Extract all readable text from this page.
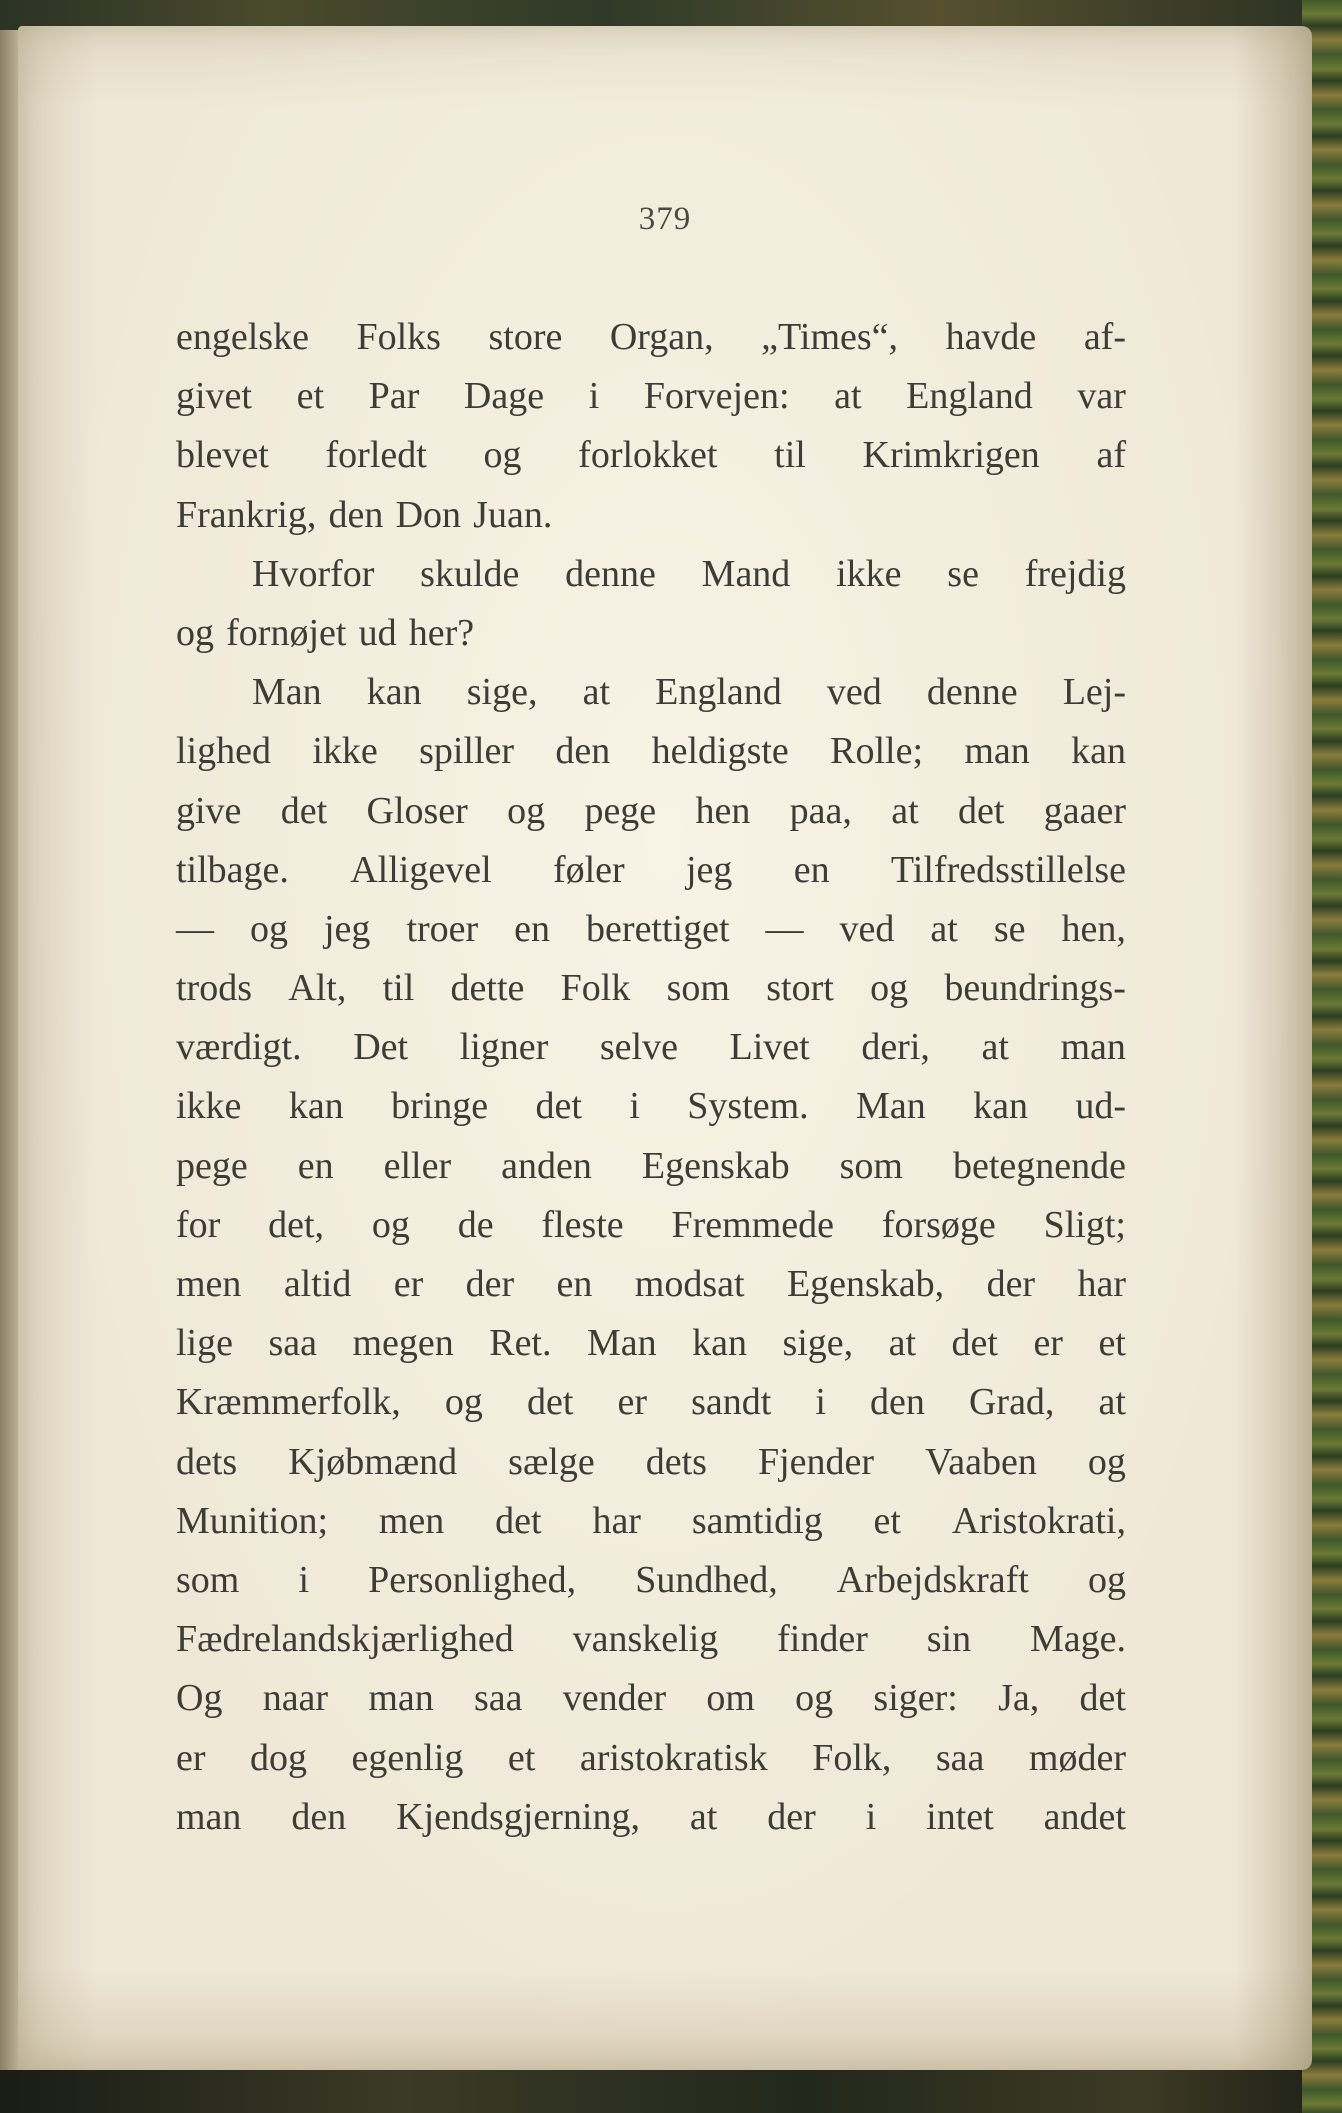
379
engelske Folks store Organ, „Times“, havde af-
givet et Par Dage i Forvejen: at England var
blevet forledt og forlokket til Krimkrigen af
Frankrig, den Don Juan.
Hvorfor skulde denne Mand ikke se frejdig
og fornøjet ud her?
Man kan sige, at England ved denne Lej-
lighed ikke spiller den heldigste Rolle; man kan
give det Gloser og pege hen paa, at det gaaer
tilbage. Alligevel føler jeg en Tilfredsstillelse
— og jeg troer en berettiget — ved at se hen,
trods Alt, til dette Folk som stort og beundrings-
værdigt. Det ligner selve Livet deri, at man
ikke kan bringe det i System. Man kan ud-
pege en eller anden Egenskab som betegnende
for det, og de fleste Fremmede forsøge Sligt;
men altid er der en modsat Egenskab, der har
lige saa megen Ret. Man kan sige, at det er et
Kræmmerfolk, og det er sandt i den Grad, at
dets Kjøbmænd sælge dets Fjender Vaaben og
Munition; men det har samtidig et Aristokrati,
som i Personlighed, Sundhed, Arbejdskraft og
Fædrelandskjærlighed vanskelig finder sin Mage.
Og naar man saa vender om og siger: Ja, det
er dog egenlig et aristokratisk Folk, saa møder
man den Kjendsgjerning, at der i intet andet
